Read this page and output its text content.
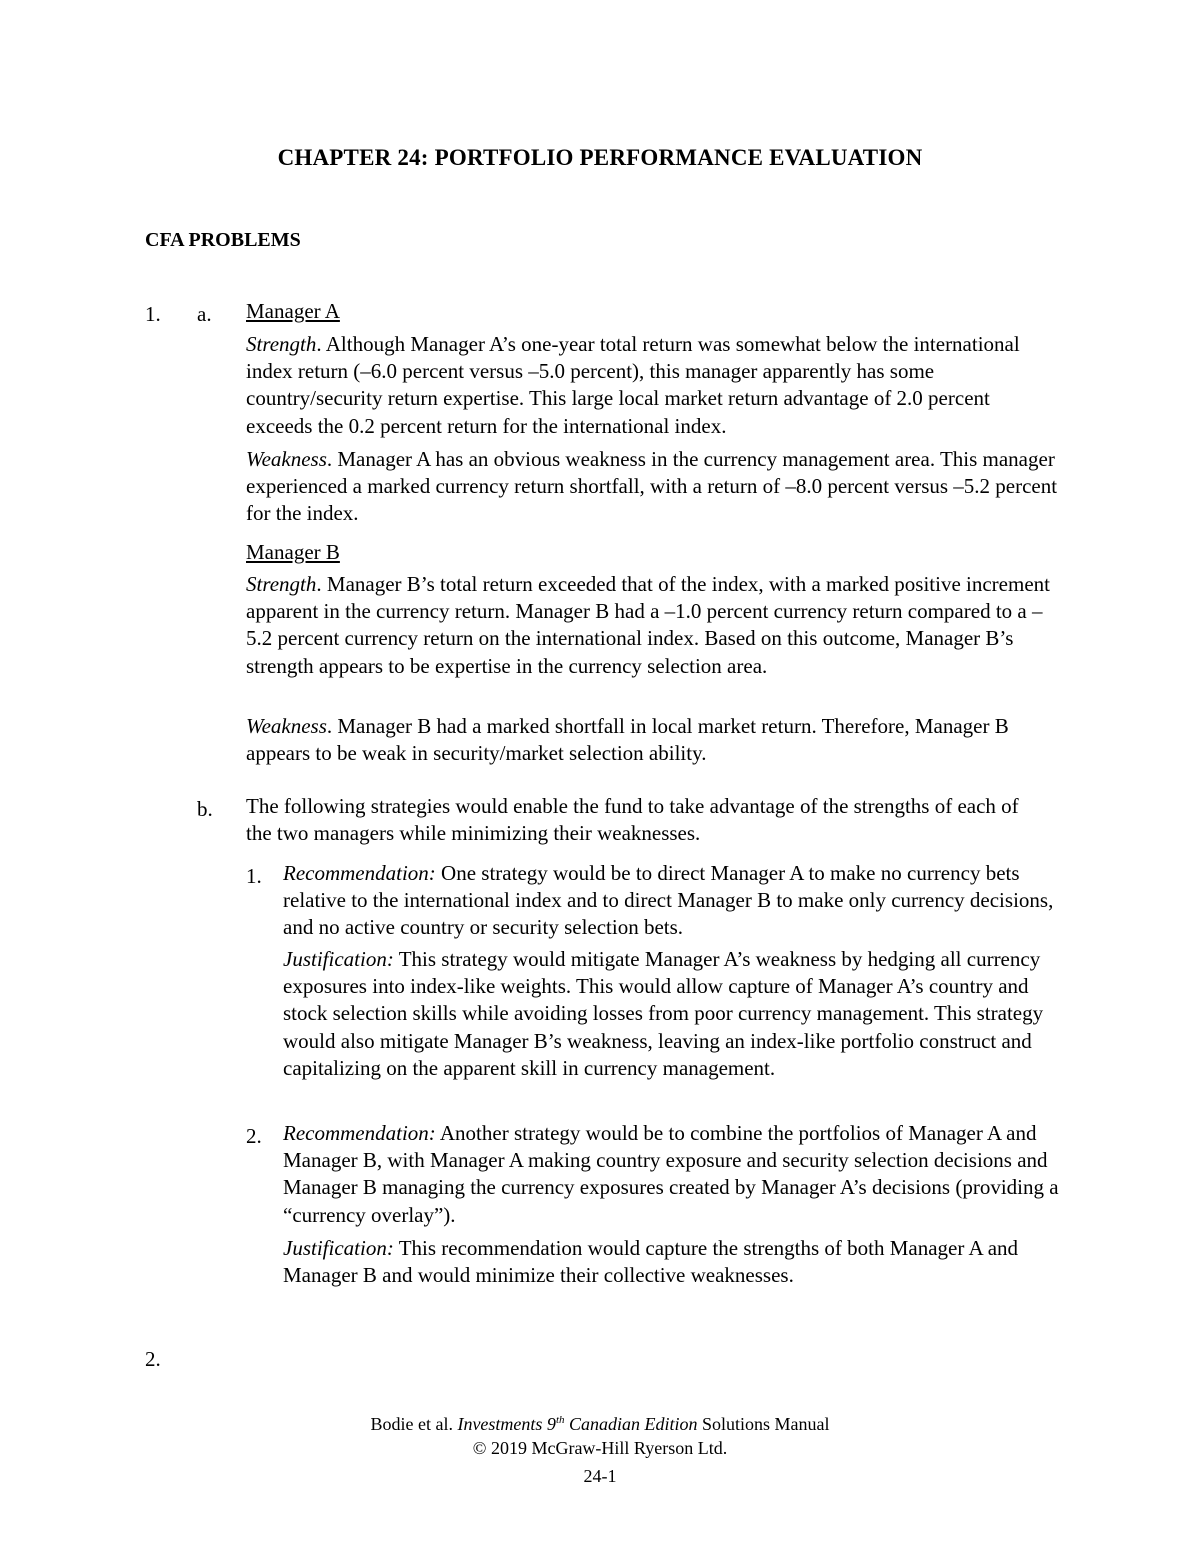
CHAPTER 24: PORTFOLIO PERFORMANCE EVALUATION
CFA PROBLEMS
1. a. Manager A
Strength. Although Manager A’s one-year total return was somewhat below the international index return (–6.0 percent versus –5.0 percent), this manager apparently has some country/security return expertise. This large local market return advantage of 2.0 percent exceeds the 0.2 percent return for the international index.
Weakness. Manager A has an obvious weakness in the currency management area. This manager experienced a marked currency return shortfall, with a return of –8.0 percent versus –5.2 percent for the index.
Manager B
Strength. Manager B’s total return exceeded that of the index, with a marked positive increment apparent in the currency return. Manager B had a –1.0 percent currency return compared to a –5.2 percent currency return on the international index. Based on this outcome, Manager B’s strength appears to be expertise in the currency selection area.
Weakness. Manager B had a marked shortfall in local market return. Therefore, Manager B appears to be weak in security/market selection ability.
b. The following strategies would enable the fund to take advantage of the strengths of each of the two managers while minimizing their weaknesses.
1. Recommendation: One strategy would be to direct Manager A to make no currency bets relative to the international index and to direct Manager B to make only currency decisions, and no active country or security selection bets.
Justification: This strategy would mitigate Manager A’s weakness by hedging all currency exposures into index-like weights. This would allow capture of Manager A’s country and stock selection skills while avoiding losses from poor currency management. This strategy would also mitigate Manager B’s weakness, leaving an index-like portfolio construct and capitalizing on the apparent skill in currency management.
2. Recommendation: Another strategy would be to combine the portfolios of Manager A and Manager B, with Manager A making country exposure and security selection decisions and Manager B managing the currency exposures created by Manager A’s decisions (providing a “currency overlay”).
Justification: This recommendation would capture the strengths of both Manager A and Manager B and would minimize their collective weaknesses.
2.
Bodie et al. Investments 9th Canadian Edition Solutions Manual
© 2019 McGraw-Hill Ryerson Ltd.
24-1
